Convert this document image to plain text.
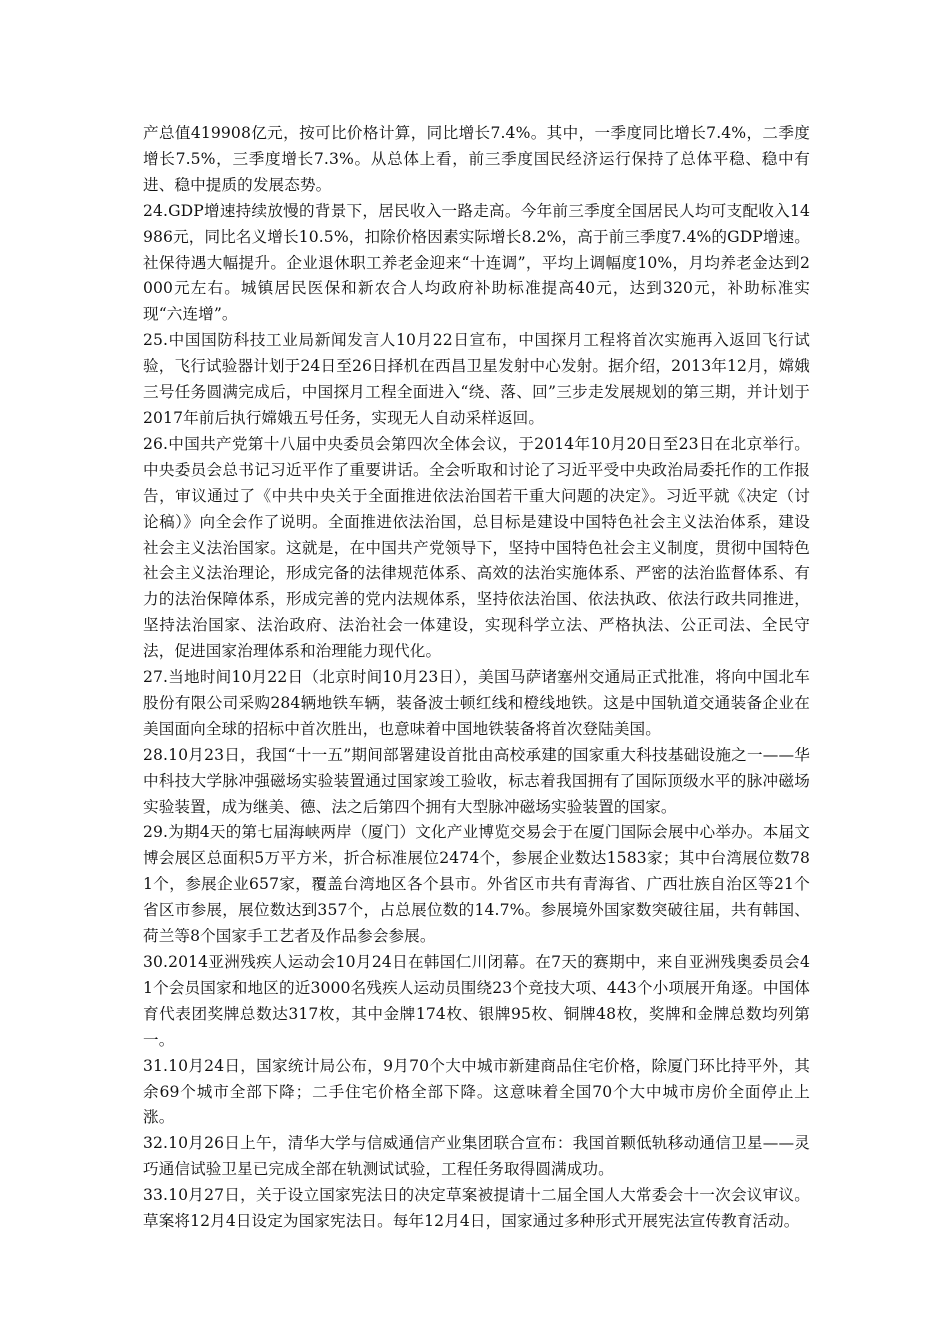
产总值419908亿元，按可比价格计算，同比增长7.4%。其中，一季度同比增长7.4%，二季度增长7.5%，三季度增长7.3%。从总体上看，前三季度国民经济运行保持了总体平稳、稳中有进、稳中提质的发展态势。

24.GDP增速持续放慢的背景下，居民收入一路走高。今年前三季度全国居民人均可支配收入14986元，同比名义增长10.5%，扣除价格因素实际增长8.2%，高于前三季度7.4%的GDP增速。社保待遇大幅提升。企业退休职工养老金迎来“十连调”，平均上调幅度10%，月均养老金达到2000元左右。城镇居民医保和新农合人均政府补助标准提高40元，达到320元，补助标准实现“六连增”。

25.中国国防科技工业局新闻发言人10月22日宣布，中国探月工程将首次实施再入返回飞行试验，飞行试验器计划于24日至26日择机在西昌卫星发射中心发射。据介绍，2013年12月，嫦娥三号任务圆满完成后，中国探月工程全面进入“绕、落、回”三步走发展规划的第三期，并计划于2017年前后执行嫦娥五号任务，实现无人自动采样返回。

26.中国共产党第十八届中央委员会第四次全体会议，于2014年10月20日至23日在北京举行。中央委员会总书记习近平作了重要讲话。全会听取和讨论了习近平受中央政治局委托作的工作报告，审议通过了《中共中央关于全面推进依法治国若干重大问题的决定》。习近平就《决定（讨论稿）》向全会作了说明。全面推进依法治国，总目标是建设中国特色社会主义法治体系，建设社会主义法治国家。这就是，在中国共产党领导下，坚持中国特色社会主义制度，贯彻中国特色社会主义法治理论，形成完备的法律规范体系、高效的法治实施体系、严密的法治监督体系、有力的法治保障体系，形成完善的党内法规体系，坚持依法治国、依法执政、依法行政共同推进，坚持法治国家、法治政府、法治社会一体建设，实现科学立法、严格执法、公正司法、全民守法，促进国家治理体系和治理能力现代化。

27.当地时间10月22日（北京时间10月23日），美国马萨诸塞州交通局正式批准，将向中国北车股份有限公司采购284辆地铁车辆，装备波士顿红线和橙线地铁。这是中国轨道交通装备企业在美国面向全球的招标中首次胜出，也意味着中国地铁装备将首次登陆美国。

28.10月23日，我国“十一五”期间部署建设首批由高校承建的国家重大科技基础设施之一——华中科技大学脉冲强磁场实验装置通过国家竣工验收，标志着我国拥有了国际顶级水平的脉冲磁场实验装置，成为继美、德、法之后第四个拥有大型脉冲磁场实验装置的国家。

29.为期4天的第七届海峡两岸（厦门）文化产业博览交易会于在厦门国际会展中心举办。本届文博会展区总面积5万平方米，折合标准展位2474个，参展企业数达1583家；其中台湾展位数781个，参展企业657家，覆盖台湾地区各个县市。外省区市共有青海省、广西壮族自治区等21个省区市参展，展位数达到357个，占总展位数的14.7%。参展境外国家数突破往届，共有韩国、荷兰等8个国家手工艺者及作品参会参展。

30.2014亚洲残疾人运动会10月24日在韩国仁川闭幕。在7天的赛期中，来自亚洲残奥委员会41个会员国家和地区的近3000名残疾人运动员围绕23个竞技大项、443个小项展开角逐。中国体育代表团奖牌总数达317枚，其中金牌174枚、银牌95枚、铜牌48枚，奖牌和金牌总数均列第一。

31.10月24日，国家统计局公布，9月70个大中城市新建商品住宅价格，除厦门环比持平外，其余69个城市全部下降；二手住宅价格全部下降。这意味着全国70个大中城市房价全面停止上涨。

32.10月26日上午，清华大学与信威通信产业集团联合宣布：我国首颗低轨移动通信卫星——灵巧通信试验卫星已完成全部在轨测试试验，工程任务取得圆满成功。

33.10月27日，关于设立国家宪法日的决定草案被提请十二届全国人大常委会十一次会议审议。草案将12月4日设定为国家宪法日。每年12月4日，国家通过多种形式开展宪法宣传教育活动。
